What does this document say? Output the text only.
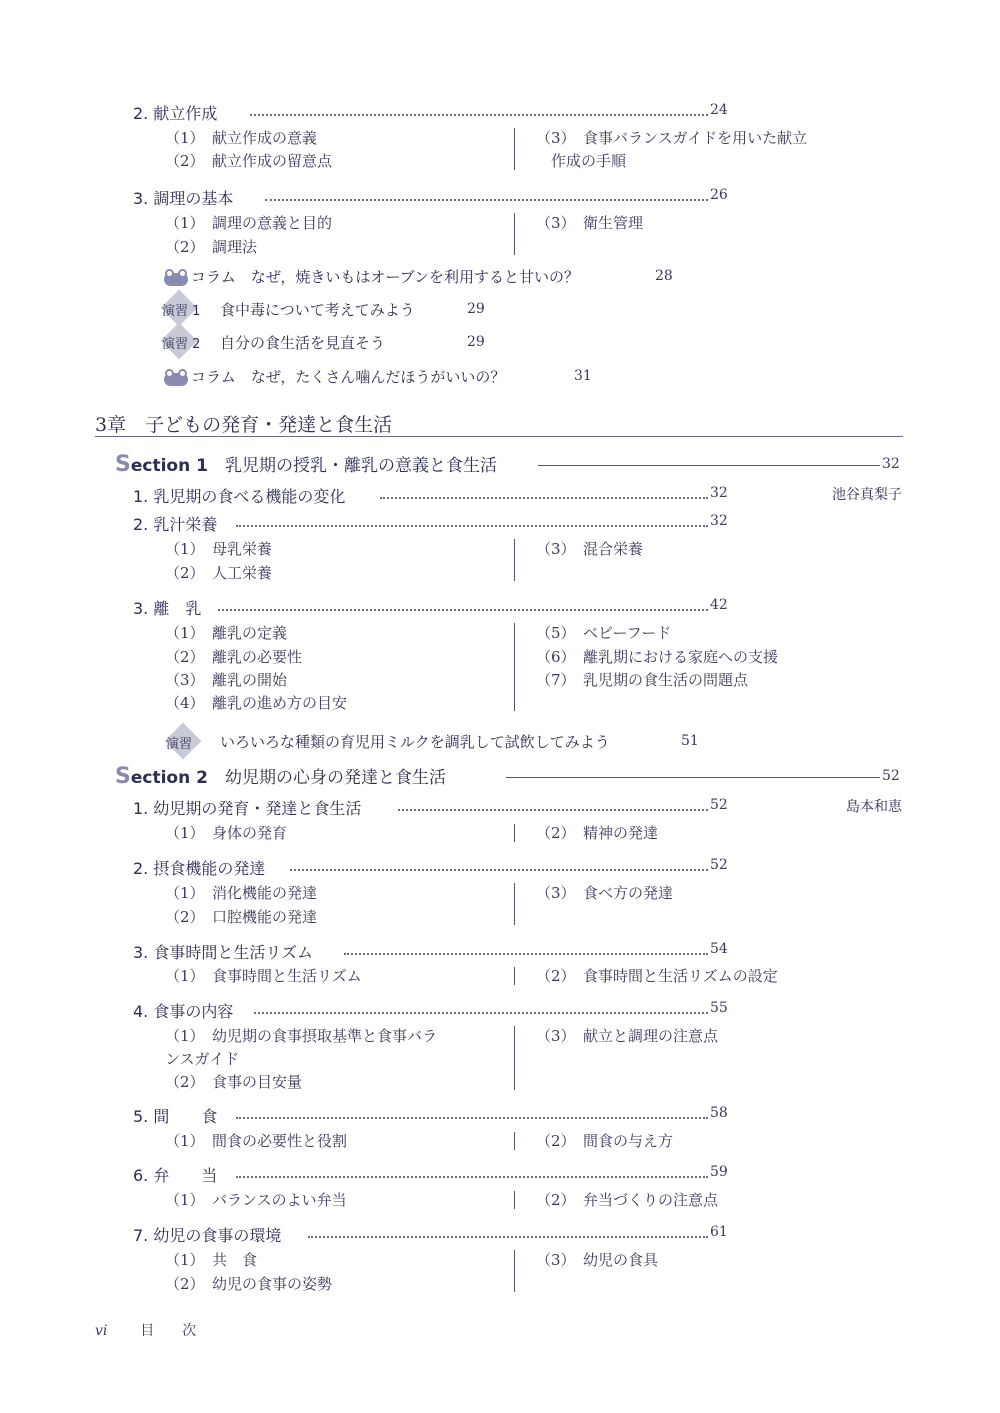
2. 献立作成	24
（1）　献立作成の意義
（2）　献立作成の留意点
（3）　食事バランスガイドを用いた献立
作成の手順
3. 調理の基本	26
（1）　調理の意義と目的
（2）　調理法
（3）　衛生管理
コラム　なぜ，焼きいもはオーブンを利用すると甘いの？	28
演習 1 食中毒について考えてみよう	29
演習 2 自分の食生活を見直そう	29
コラム　なぜ，たくさん噛んだほうがいいの？	31
3章　子どもの発育・発達と食生活
Section 1　 乳児期の授乳・離乳の意義と食生活	32
1. 乳児期の食べる機能の変化	32	池谷真梨子
2. 乳汁栄養	32
（1）　母乳栄養
（2）　人工栄養
（3）　混合栄養
3. 離　乳	42
（1）　離乳の定義
（2）　離乳の必要性
（3）　離乳の開始
（4）　離乳の進め方の目安
（5）　ベビーフード
（6）　離乳期における家庭への支援
（7）　乳児期の食生活の問題点
演習 いろいろな種類の育児用ミルクを調乳して試飲してみよう	51
Section 2　 幼児期の心身の発達と食生活	52
1. 幼児期の発育・発達と食生活	52	島本和恵
（1）　身体の発育	（2）　精神の発達
2. 摂食機能の発達	52
（1）　消化機能の発達
（2）　口腔機能の発達
（3）　食べ方の発達
3. 食事時間と生活リズム	54
（1）　食事時間と生活リズム	（2）　食事時間と生活リズムの設定
4. 食事の内容	55
（1）　幼児期の食事摂取基準と食事バラ
ンスガイド
（2）　食事の目安量
（3）　献立と調理の注意点
5. 間　　食	58
（1）　間食の必要性と役割	（2）　間食の与え方
6. 弁　　当	59
（1）　バランスのよい弁当	（2）　弁当づくりの注意点
7. 幼児の食事の環境	61
（1）　共　食
（2）　幼児の食事の姿勢
（3）　幼児の食具
vi 目　　次
